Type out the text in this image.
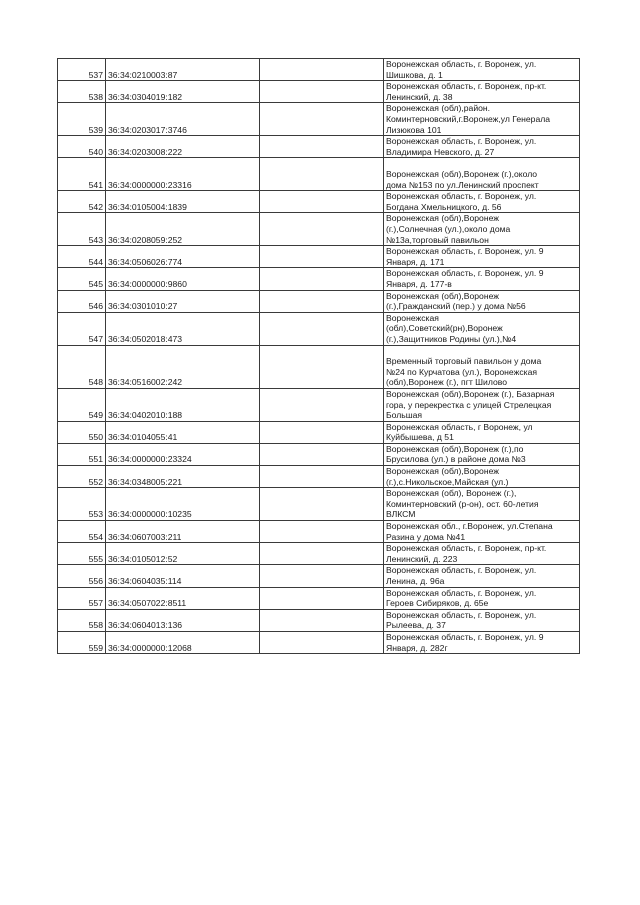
537	36:34:0210003:87		Воронежская область, г. Воронеж, ул.
Шишкова, д. 1

538	36:34:0304019:182		Воронежская область, г. Воронеж, пр-кт.
Ленинский, д. 38

539	36:34:0203017:3746		Воронежская (обл),район.
Коминтерновский,г.Воронеж,ул Генерала
Лизюкова 101

540	36:34:0203008:222		Воронежская область, г. Воронеж, ул.
Владимира Невского, д. 27

541	36:34:0000000:23316		Воронежская (обл),Воронеж (г.),около
дома №153 по ул.Ленинский проспект

542	36:34:0105004:1839		Воронежская область, г. Воронеж, ул.
Богдана Хмельницкого, д. 56

543	36:34:0208059:252		Воронежская (обл),Воронеж
(г.),Солнечная (ул.),около дома
№13а,торговый павильон

544	36:34:0506026:774		Воронежская область, г. Воронеж, ул. 9
Января, д. 171

545	36:34:0000000:9860		Воронежская область, г. Воронеж, ул. 9
Января, д. 177-в

546	36:34:0301010:27		Воронежская (обл),Воронеж
(г.),Гражданский (пер.) у дома №56

547	36:34:0502018:473		Воронежская
(обл),Советский(рн),Воронеж
(г.),Защитников Родины (ул.),№4

548	36:34:0516002:242		Временный торговый павильон у дома
№24 по Курчатова (ул.), Воронежская
(обл),Воронеж (г.), пгт Шилово

549	36:34:0402010:188		Воронежская (обл),Воронеж (г.), Базарная
гора, у перекрестка с улицей Стрелецкая
Большая

550	36:34:0104055:41		Воронежская область, г Воронеж, ул
Куйбышева, д 51

551	36:34:0000000:23324		Воронежская (обл),Воронеж (г.),по
Брусилова (ул.) в районе дома №3

552	36:34:0348005:221		Воронежская (обл),Воронеж
(г.),с.Никольское,Майская (ул.)

553	36:34:0000000:10235		Воронежская (обл), Воронеж (г.),
Коминтерновский (р-он), ост. 60-летия
ВЛКСМ

554	36:34:0607003:211		Воронежская обл., г.Воронеж, ул.Степана
Разина у дома №41

555	36:34:0105012:52		Воронежская область, г. Воронеж, пр-кт.
Ленинский, д. 223

556	36:34:0604035:114		Воронежская область, г. Воронеж, ул.
Ленина, д. 96а

557	36:34:0507022:8511		Воронежская область, г. Воронеж, ул.
Героев Сибиряков, д. 65е

558	36:34:0604013:136		Воронежская область, г. Воронеж, ул.
Рылеева, д. 37

559	36:34:0000000:12068		Воронежская область, г. Воронеж, ул. 9
Января, д. 282г
